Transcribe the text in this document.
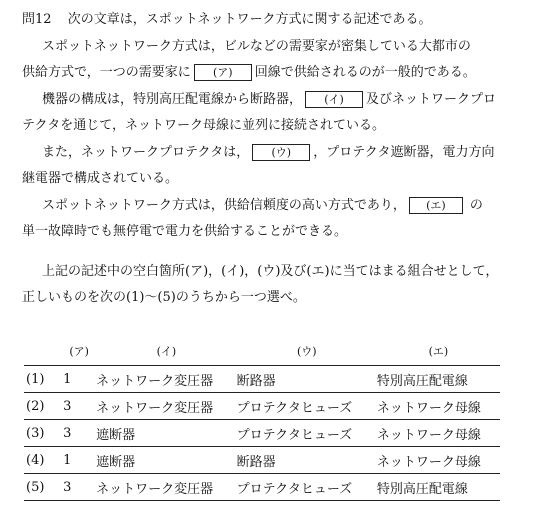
問12 次の文章は，スポットネットワーク方式に関する記述である。
スポットネットワーク方式は，ビルなどの需要家が密集している大都市の
供給方式で，一つの需要家に (ア) 回線で供給されるのが一般的である。
機器の構成は，特別高圧配電線から断路器， (イ) 及びネットワークプロ
テクタを通じて，ネットワーク母線に並列に接続されている。
また，ネットワークプロテクタは， (ウ) ，プロテクタ遮断器，電力方向
継電器で構成されている。
スポットネットワーク方式は，供給信頼度の高い方式であり， (エ) の
単一故障時でも無停電で電力を供給することができる。
上記の記述中の空白箇所(ア)，(イ)，(ウ)及び(エ)に当てはまる組合せとして，
正しいものを次の(1)～(5)のうちから一つ選べ。
	(ア)	(イ)	(ウ)	(エ)
(1)	1	ネットワーク変圧器	断路器	特別高圧配電線
(2)	3	ネットワーク変圧器	プロテクタヒューズ	ネットワーク母線
(3)	3	遮断器	プロテクタヒューズ	ネットワーク母線
(4)	1	遮断器	断路器	ネットワーク母線
(5)	3	ネットワーク変圧器	プロテクタヒューズ	特別高圧配電線
